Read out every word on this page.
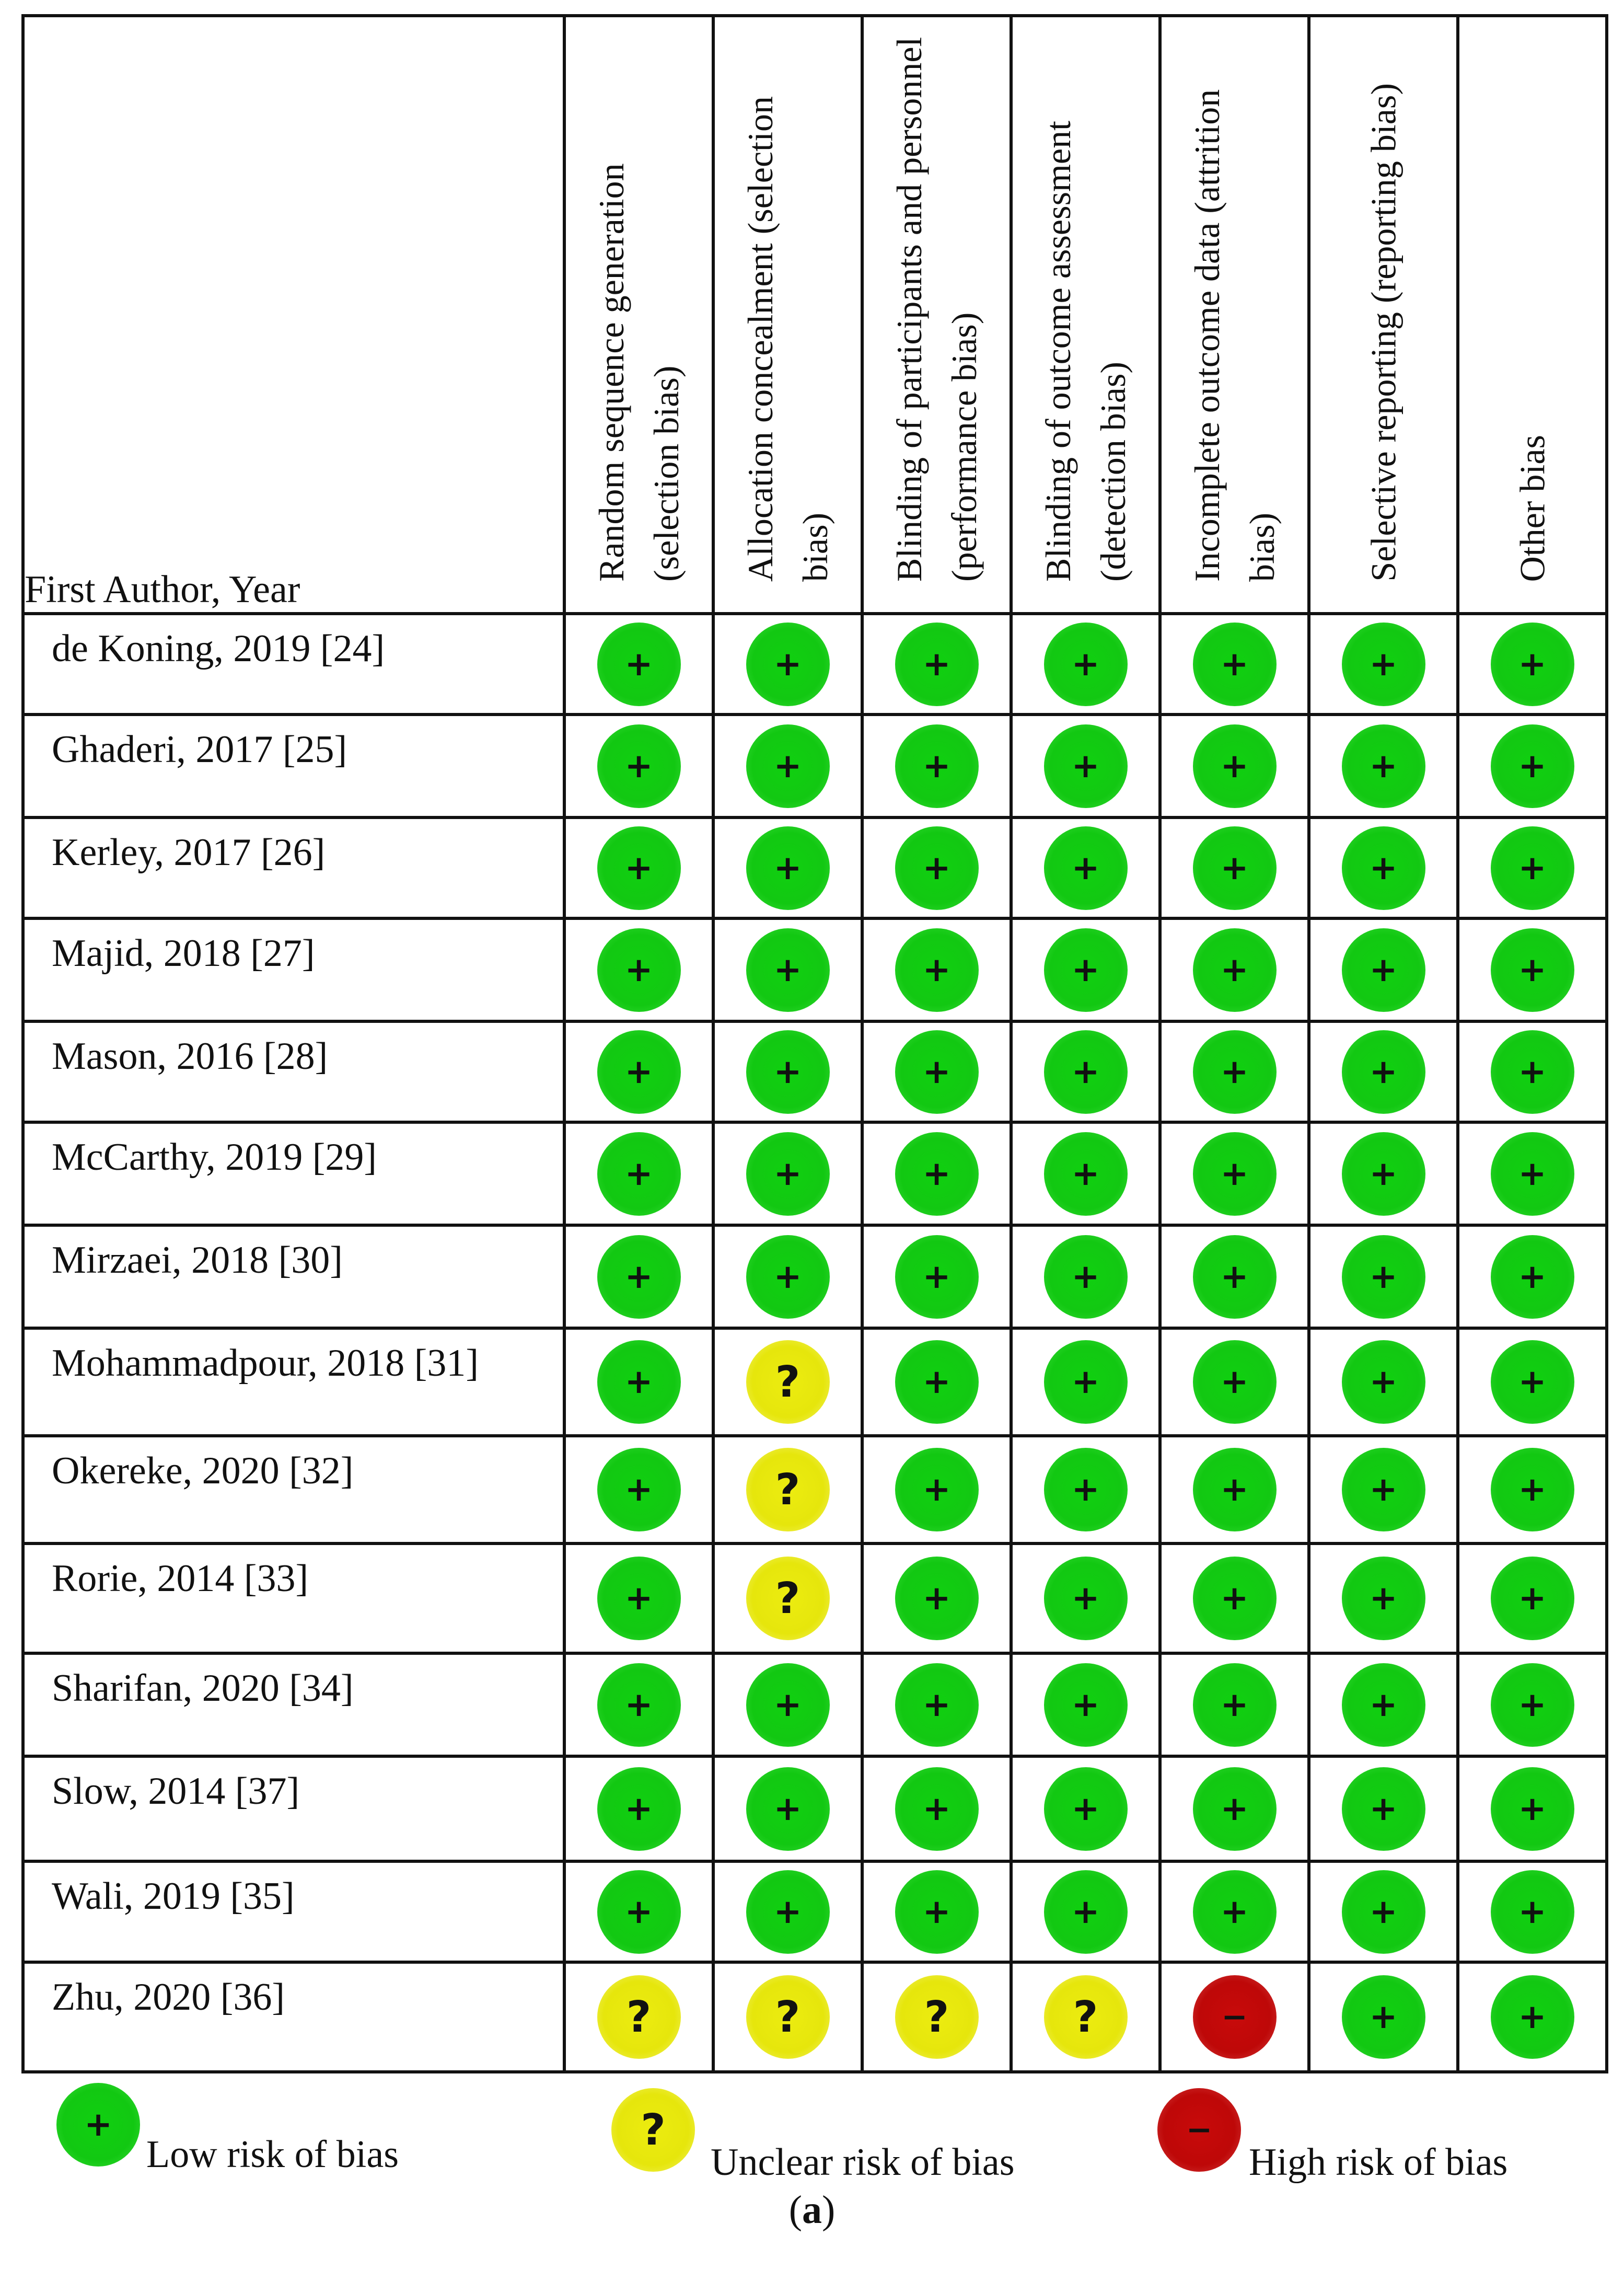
First Author, Year	Random sequence generation (selection bias)	Allocation concealment (selection bias)	Blinding of participants and personnel (performance bias)	Blinding of outcome assessment (detection bias)	Incomplete outcome data (attrition bias)	Selective reporting (reporting bias)	Other bias

de Koning, 2019 [24]	+	+	+	+	+	+	+

Ghaderi, 2017 [25]	+	+	+	+	+	+	+

Kerley, 2017 [26]	+	+	+	+	+	+	+

Majid, 2018 [27]	+	+	+	+	+	+	+

Mason, 2016 [28]	+	+	+	+	+	+	+

McCarthy, 2019 [29]	+	+	+	+	+	+	+

Mirzaei, 2018 [30]	+	+	+	+	+	+	+

Mohammadpour, 2018 [31]	+	?	+	+	+	+	+

Okereke, 2020 [32]	+	?	+	+	+	+	+

Rorie, 2014 [33]	+	?	+	+	+	+	+

Sharifan, 2020 [34]	+	+	+	+	+	+	+

Slow, 2014 [37]	+	+	+	+	+	+	+

Wali, 2019 [35]	+	+	+	+	+	+	+

Zhu, 2020 [36]	?	?	?	?	−	+	+
+
Low risk of bias	?
Unclear risk of bias
−
High risk of bias
(a)
